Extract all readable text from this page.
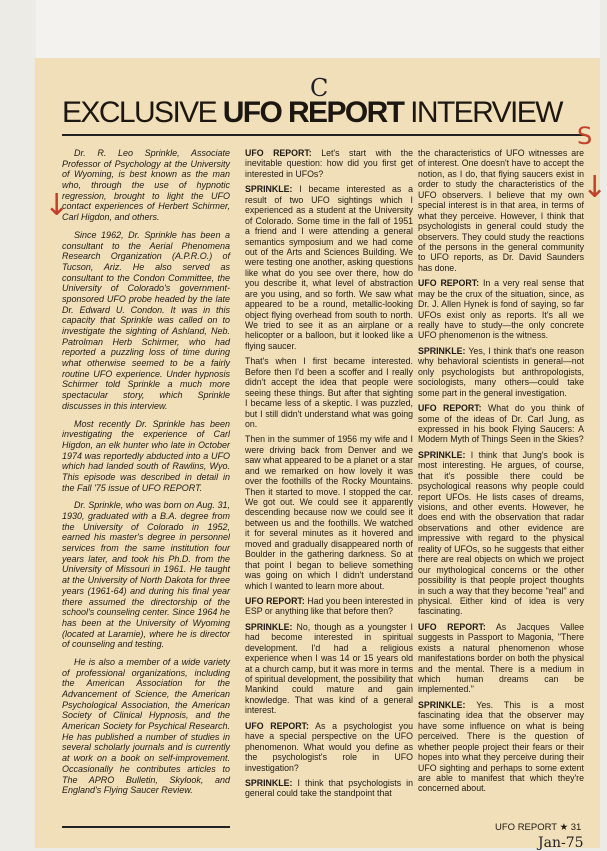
C
EXCLUSIVE UFO REPORT INTERVIEW
S
↓
↓

Dr. R. Leo Sprinkle, Associate Professor of Psychology at the University of Wyoming, is best known as the man who, through the use of hypnotic regression, brought to light the UFO contact experiences of Herbert Schirmer, Carl Higdon, and others.

Since 1962, Dr. Sprinkle has been a consultant to the Aerial Phenomena Research Organization (A.P.R.O.) of Tucson, Ariz. He also served as consultant to the Condon Committee, the University of Colorado's government-sponsored UFO probe headed by the late Dr. Edward U. Condon. It was in this capacity that Sprinkle was called on to investigate the sighting of Ashland, Neb. Patrolman Herb Schirmer, who had reported a puzzling loss of time during what otherwise seemed to be a fairly routine UFO experience. Under hypnosis Schirmer told Sprinkle a much more spectacular story, which Sprinkle discusses in this interview.

Most recently Dr. Sprinkle has been investigating the experience of Carl Higdon, an elk hunter who late in October 1974 was reportedly abducted into a UFO which had landed south of Rawlins, Wyo. This episode was described in detail in the Fall '75 issue of UFO REPORT.

Dr. Sprinkle, who was born on Aug. 31, 1930, graduated with a B.A. degree from the University of Colorado in 1952, earned his master's degree in personnel services from the same institution four years later, and took his Ph.D. from the University of Missouri in 1961. He taught at the University of North Dakota for three years (1961-64) and during his final year there assumed the directorship of the school's counseling center. Since 1964 he has been at the University of Wyoming (located at Laramie), where he is director of counseling and testing.

He is also a member of a wide variety of professional organizations, including the American Association for the Advancement of Science, the American Psychological Association, the American Society of Clinical Hypnosis, and the American Society for Psychical Research. He has published a number of studies in several scholarly journals and is currently at work on a book on self-improvement. Occasionally he contributes articles to The APRO Bulletin, Skylook, and England's Flying Saucer Review.

UFO REPORT: Let's start with the inevitable question: how did you first get interested in UFOs?

SPRINKLE: I became interested as a result of two UFO sightings which I experienced as a student at the University of Colorado. Some time in the fall of 1951 a friend and I were attending a general semantics symposium and we had come out of the Arts and Sciences Building. We were testing one another, asking questions like what do you see over there, how do you describe it, what level of abstraction are you using, and so forth. We saw what appeared to be a round, metallic-looking object flying overhead from south to north. We tried to see it as an airplane or a helicopter or a balloon, but it looked like a flying saucer.

That's when I first became interested. Before then I'd been a scoffer and I really didn't accept the idea that people were seeing these things. But after that sighting I became less of a skeptic. I was puzzled, but I still didn't understand what was going on.

Then in the summer of 1956 my wife and I were driving back from Denver and we saw what appeared to be a planet or a star and we remarked on how lovely it was over the foothills of the Rocky Mountains. Then it started to move. I stopped the car. We got out. We could see it apparently descending because now we could see it between us and the foothills. We watched it for several minutes as it hovered and moved and gradually disappeared north of Boulder in the gathering darkness. So at that point I began to believe something was going on which I didn't understand which I wanted to learn more about.

UFO REPORT: Had you been interested in ESP or anything like that before then?

SPRINKLE: No, though as a youngster I had become interested in spiritual development. I'd had a religious experience when I was 14 or 15 years old at a church camp, but it was more in terms of spiritual development, the possibility that Mankind could mature and gain knowledge. That was kind of a general interest.

UFO REPORT: As a psychologist you have a special perspective on the UFO phenomenon. What would you define as the psychologist's role in UFO investigation?

SPRINKLE: I think that psychologists in general could take the standpoint that

the characteristics of UFO witnesses are of interest. One doesn't have to accept the notion, as I do, that flying saucers exist in order to study the characteristics of the UFO observers. I believe that my own special interest is in that area, in terms of what they perceive. However, I think that psychologists in general could study the observers. They could study the reactions of the persons in the general community to UFO reports, as Dr. David Saunders has done.

UFO REPORT: In a very real sense that may be the crux of the situation, since, as Dr. J. Allen Hynek is fond of saying, so far UFOs exist only as reports. It's all we really have to study—the only concrete UFO phenomenon is the witness.

SPRINKLE: Yes, I think that's one reason why behavioral scientists in general—not only psychologists but anthropologists, sociologists, many others—could take some part in the general investigation.

UFO REPORT: What do you think of some of the ideas of Dr. Carl Jung, as expressed in his book Flying Saucers: A Modern Myth of Things Seen in the Skies?

SPRINKLE: I think that Jung's book is most interesting. He argues, of course, that it's possible there could be psychological reasons why people could report UFOs. He lists cases of dreams, visions, and other events. However, he does end with the observation that radar observations and other evidence are impressive with regard to the physical reality of UFOs, so he suggests that either there are real objects on which we project our mythological concerns or the other possibility is that people project thoughts in such a way that they become "real" and physical. Either kind of idea is very fascinating.

UFO REPORT: As Jacques Vallee suggests in Passport to Magonia, "There exists a natural phenomenon whose manifestations border on both the physical and the mental. There is a medium in which human dreams can be implemented."

SPRINKLE: Yes. This is a most fascinating idea that the observer may have some influence on what is being perceived. There is the question of whether people project their fears or their hopes into what they perceive during their UFO sighting and perhaps to some extent are able to manifest that which they're concerned about.

UFO REPORT ★ 31
Jan-75
